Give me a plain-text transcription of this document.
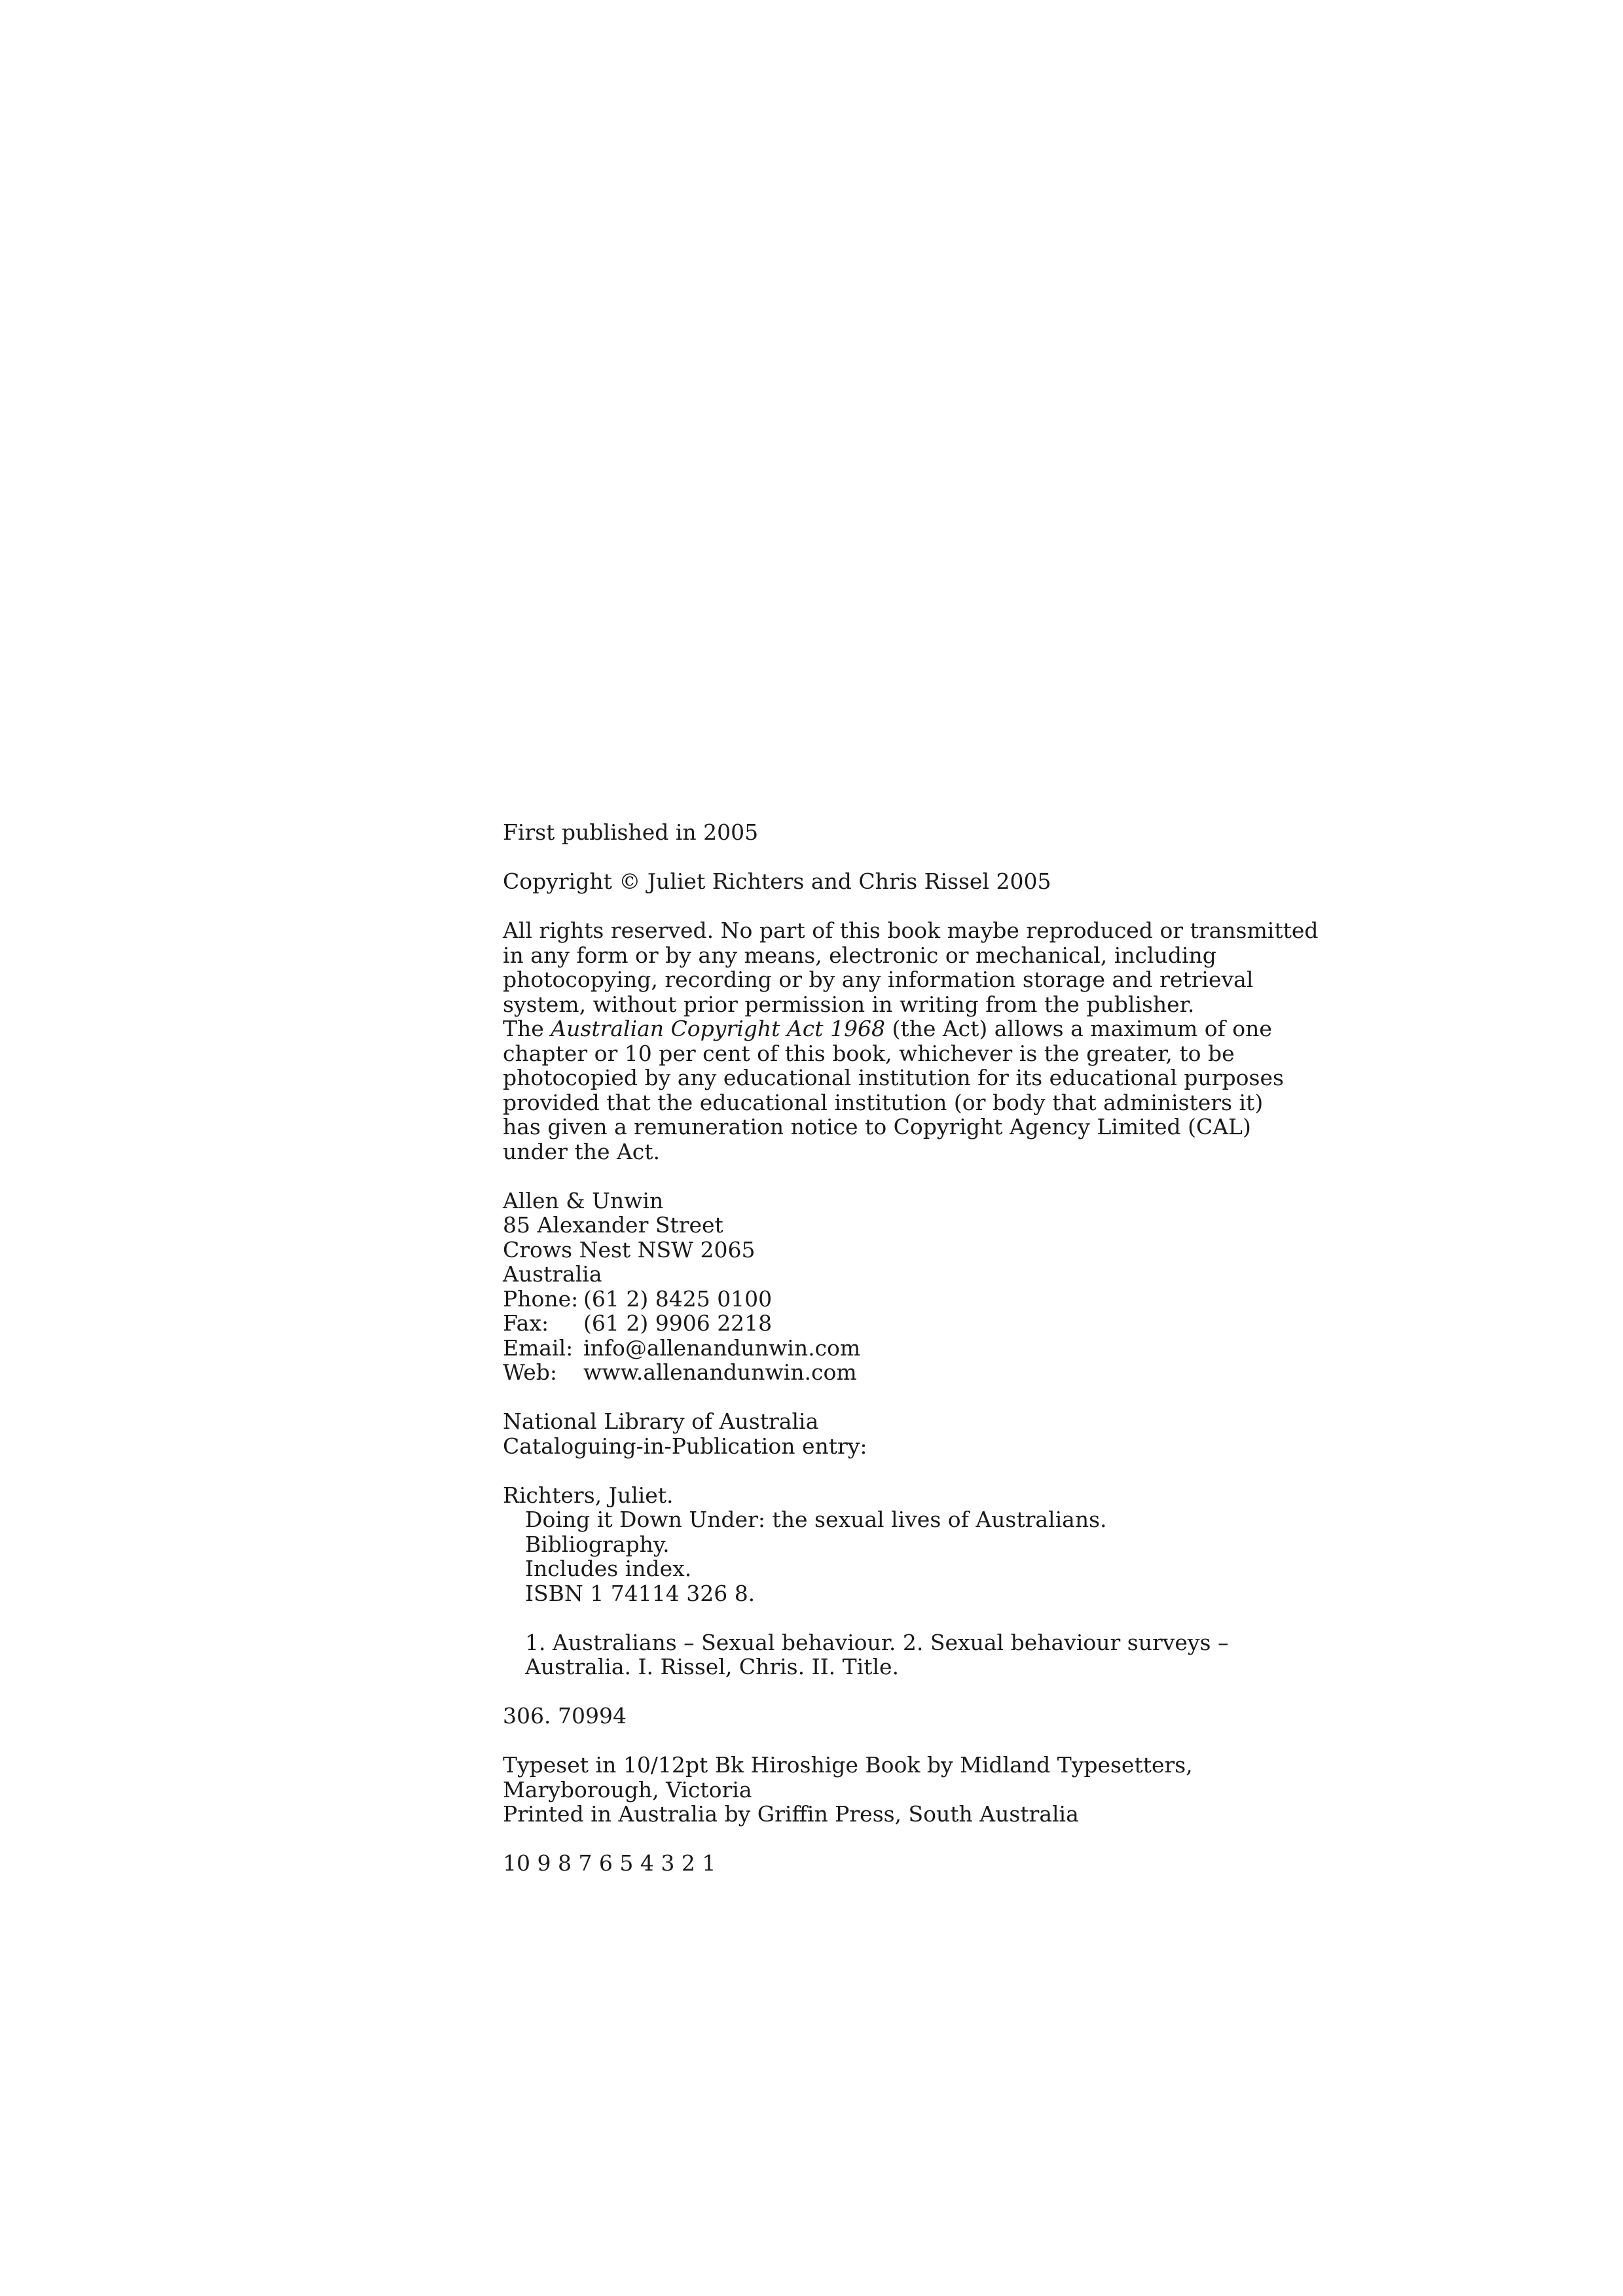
First published in 2005
Copyright © Juliet Richters and Chris Rissel 2005
All rights reserved. No part of this book maybe reproduced or transmitted
in any form or by any means, electronic or mechanical, including
photocopying, recording or by any information storage and retrieval
system, without prior permission in writing from the publisher.
The Australian Copyright Act 1968 (the Act) allows a maximum of one
chapter or 10 per cent of this book, whichever is the greater, to be
photocopied by any educational institution for its educational purposes
provided that the educational institution (or body that administers it)
has given a remuneration notice to Copyright Agency Limited (CAL)
under the Act.
Allen & Unwin
85 Alexander Street
Crows Nest NSW 2065
Australia
Phone: (61 2) 8425 0100
Fax:	(61 2) 9906 2218
Email: info@allenandunwin.com
Web:	www.allenandunwin.com
National Library of Australia
Cataloguing-in-Publication entry:
Richters, Juliet.
Doing it Down Under: the sexual lives of Australians.
Bibliography.
Includes index.
ISBN 1 74114 326 8.
1. Australians – Sexual behaviour. 2. Sexual behaviour surveys –
Australia. I. Rissel, Chris. II. Title.
306. 70994
Typeset in 10/12pt Bk Hiroshige Book by Midland Typesetters,
Maryborough, Victoria
Printed in Australia by Griffin Press, South Australia
10 9 8 7 6 5 4 3 2 1
